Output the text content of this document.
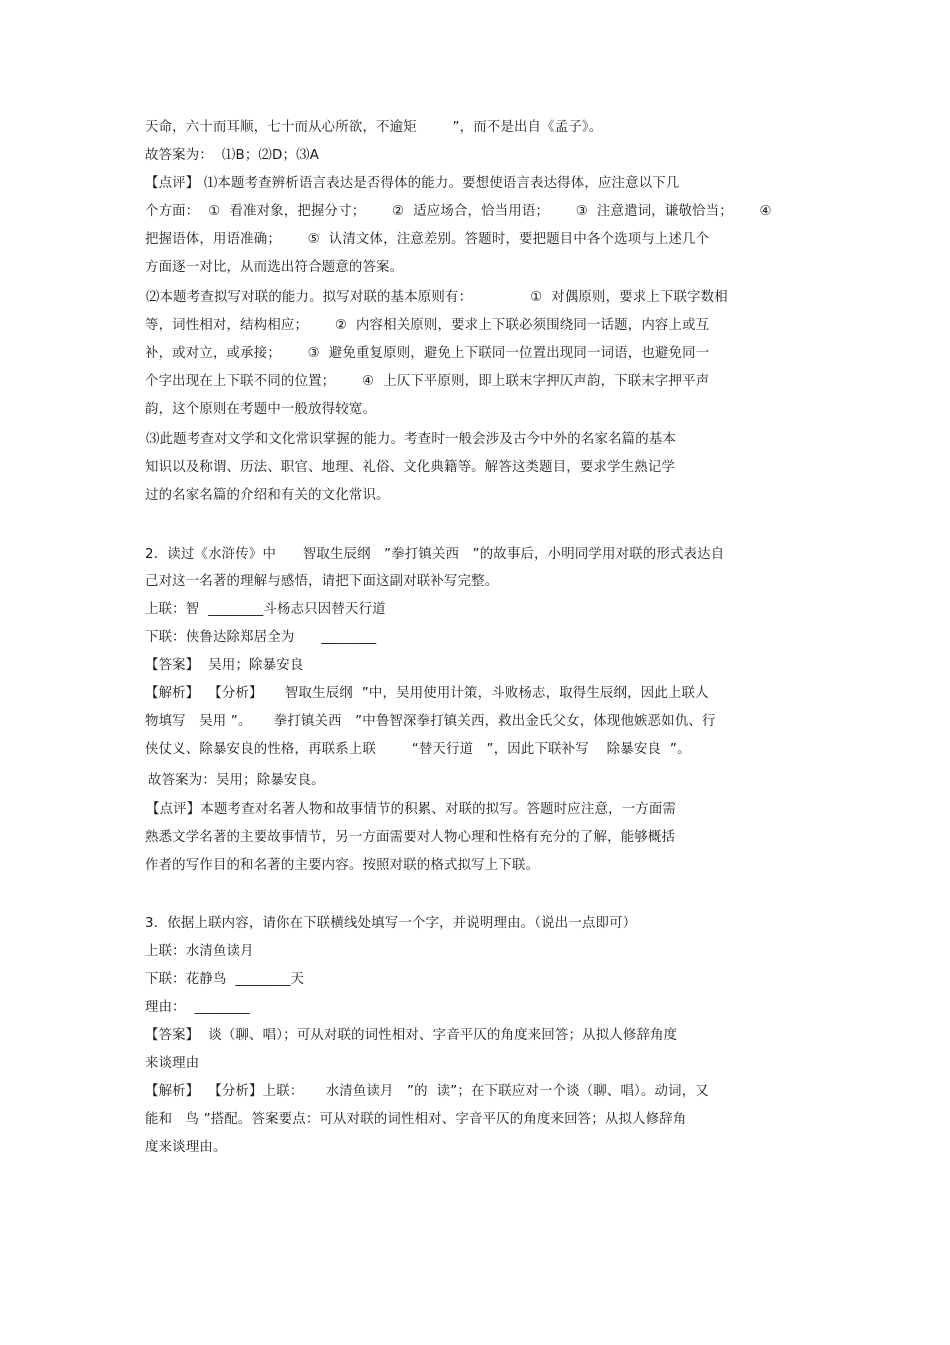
天命，六十而耳顺，七十而从心所欲，不逾矩        ”，而不是出自《孟子》。
故答案为：  ⑴B；⑵D；⑶A
【点评】 ⑴本题考查辨析语言表达是否得体的能力。要想使语言表达得体，应注意以下几
个方面：  ①  看准对象，把握分寸；      ②  适应场合，恰当用语；      ③  注意遣词，谦敬恰当；      ④
把握语体，用语准确；      ⑤  认清文体，注意差别。答题时，要把题目中各个选项与上述几个
方面逐一对比，从而选出符合题意的答案。
⑵本题考查拟写对联的能力。拟写对联的基本原则有：             ①  对偶原则，要求上下联字数相
等，词性相对，结构相应；      ②  内容相关原则，要求上下联必须围绕同一话题，内容上或互
补，或对立，或承接；      ③  避免重复原则，避免上下联同一位置出现同一词语，也避免同一
个字出现在上下联不同的位置；      ④  上仄下平原则，即上联末字押仄声韵，下联末字押平声
韵，这个原则在考题中一般放得较宽。
⑶此题考查对文学和文化常识掌握的能力。考查时一般会涉及古今中外的名家名篇的基本
知识以及称谓、历法、职官、地理、礼俗、文化典籍等。解答这类题目，要求学生熟记学
过的名家名篇的介绍和有关的文化常识。
2．读过《水浒传》中      智取生辰纲   ”拳打镇关西   ”的故事后，小明同学用对联的形式表达自
己对这一名著的理解与感悟，请把下面这副对联补写完整。
上联：智  ________斗杨志只因替天行道
下联：侠鲁达除郑居全为      ________
【答案】  吴用；除暴安良
【解析】  【分析】     智取生辰纲  ”中，吴用使用计策，斗败杨志，取得生辰纲，因此上联人
物填写   吴用 ”。     拳打镇关西   ”中鲁智深拳打镇关西，救出金氏父女，体现他嫉恶如仇、行
侠仗义、除暴安良的性格，再联系上联        “替天行道   ”，因此下联补写    除暴安良  ”。
故答案为：吴用；除暴安良。
【点评】本题考查对名著人物和故事情节的积累、对联的拟写。答题时应注意，一方面需
熟悉文学名著的主要故事情节，另一方面需要对人物心理和性格有充分的了解，能够概括
作者的写作目的和名著的主要内容。按照对联的格式拟写上下联。
3．依据上联内容，请你在下联横线处填写一个字，并说明理由。（说出一点即可）
上联：水清鱼读月
下联：花静鸟  ________天
理由：  ________
【答案】  谈（聊、唱）；可从对联的词性相对、字音平仄的角度来回答；从拟人修辞角度
来谈理由
【解析】  【分析】上联：     水清鱼读月   ”的  读”；在下联应对一个谈（聊、唱）。动词，又
能和   鸟 ”搭配。答案要点：可从对联的词性相对、字音平仄的角度来回答；从拟人修辞角
度来谈理由。
